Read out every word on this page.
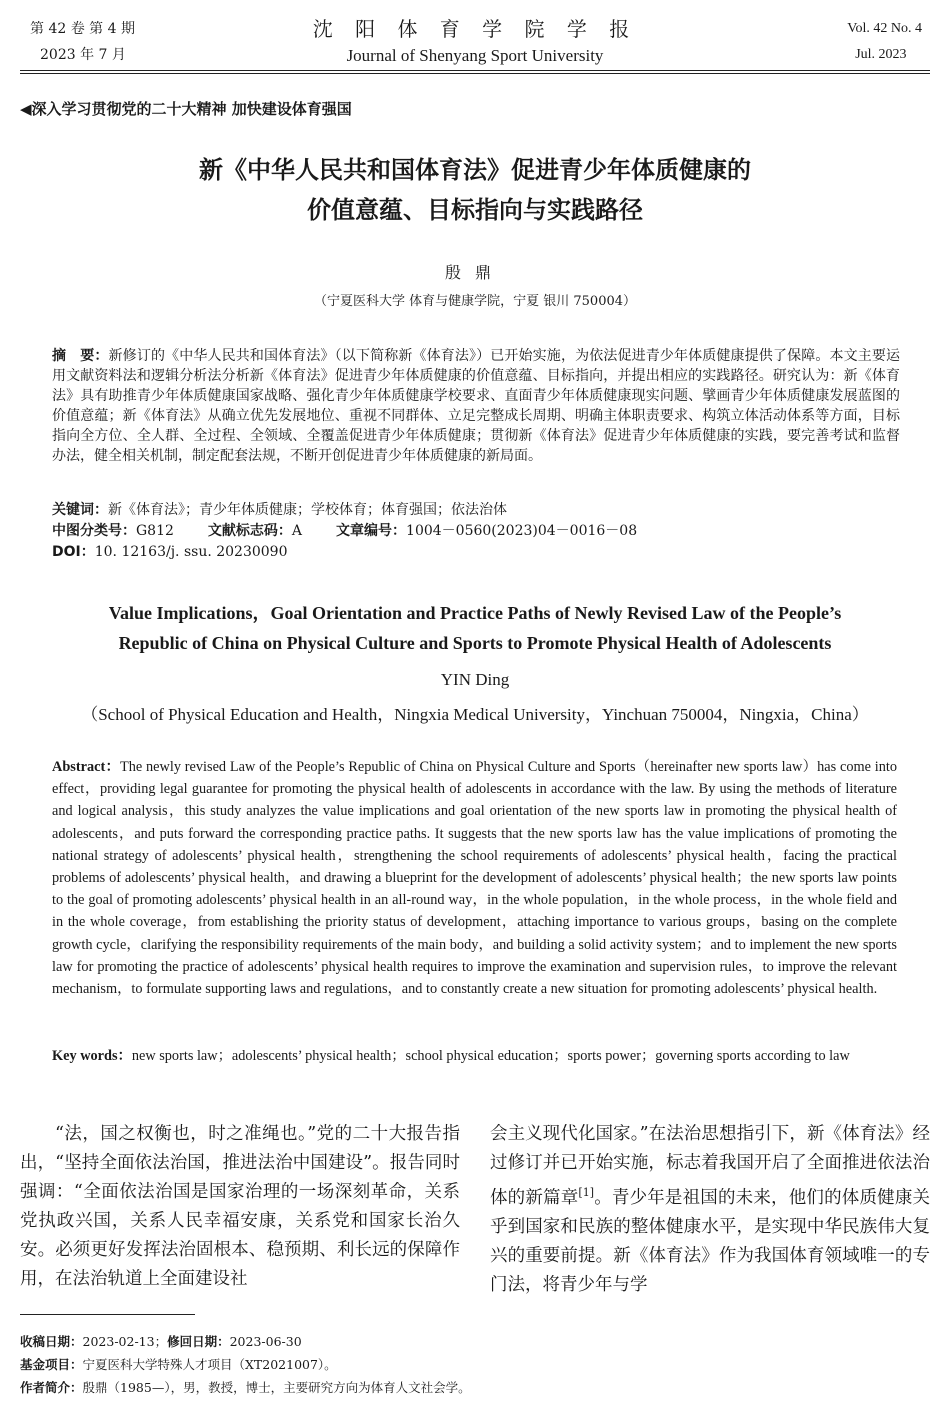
第 42 卷 第 4 期
2023 年 7 月
沈 阳 体 育 学 院 学 报
Journal of Shenyang Sport University
Vol. 42 No. 4
Jul. 2023
◀深入学习贯彻党的二十大精神 加快建设体育强国
新《中华人民共和国体育法》促进青少年体质健康的
价值意蕴、目标指向与实践路径
殷鼎
（宁夏医科大学 体育与健康学院，宁夏 银川 750004）
摘　要：新修订的《中华人民共和国体育法》（以下简称新《体育法》）已开始实施，为依法促进青少年体质健康提供了保障。本文主要运用文献资料法和逻辑分析法分析新《体育法》促进青少年体质健康的价值意蕴、目标指向，并提出相应的实践路径。研究认为：新《体育法》具有助推青少年体质健康国家战略、强化青少年体质健康学校要求、直面青少年体质健康现实问题、擘画青少年体质健康发展蓝图的价值意蕴；新《体育法》从确立优先发展地位、重视不同群体、立足完整成长周期、明确主体职责要求、构筑立体活动体系等方面，目标指向全方位、全人群、全过程、全领域、全覆盖促进青少年体质健康；贯彻新《体育法》促进青少年体质健康的实践，要完善考试和监督办法，健全相关机制，制定配套法规，不断开创促进青少年体质健康的新局面。
关键词：新《体育法》；青少年体质健康；学校体育；体育强国；依法治体
中图分类号：G812 文献标志码：A 文章编号：1004－0560(2023)04－0016－08
DOI：10. 12163/j. ssu. 20230090
Value Implications，Goal Orientation and Practice Paths of Newly Revised Law of the People’s
Republic of China on Physical Culture and Sports to Promote Physical Health of Adolescents
YIN Ding
（School of Physical Education and Health，Ningxia Medical University，Yinchuan 750004，Ningxia，China）
Abstract：The newly revised Law of the People’s Republic of China on Physical Culture and Sports（hereinafter new sports law）has come into effect，providing legal guarantee for promoting the physical health of adolescents in accordance with the law. By using the methods of literature and logical analysis，this study analyzes the value implications and goal orientation of the new sports law in promoting the physical health of adolescents，and puts forward the corresponding practice paths. It suggests that the new sports law has the value implications of promoting the national strategy of adolescents’ physical health，strengthening the school requirements of adolescents’ physical health，facing the practical problems of adolescents’ physical health，and drawing a blueprint for the development of adolescents’ physical health；the new sports law points to the goal of promoting adolescents’ physical health in an all-round way，in the whole population，in the whole process，in the whole field and in the whole coverage，from establishing the priority status of development，attaching importance to various groups，basing on the complete growth cycle，clarifying the responsibility requirements of the main body，and building a solid activity system；and to implement the new sports law for promoting the practice of adolescents’ physical health requires to improve the examination and supervision rules，to improve the relevant mechanism，to formulate supporting laws and regulations，and to constantly create a new situation for promoting adolescents’ physical health.
Key words：new sports law；adolescents’ physical health；school physical education；sports power；governing sports according to law
“法，国之权衡也，时之准绳也。”党的二十大报告指出，“坚持全面依法治国，推进法治中国建设”。报告同时强调：“全面依法治国是国家治理的一场深刻革命，关系党执政兴国，关系人民幸福安康，关系党和国家长治久安。必须更好发挥法治固根本、稳预期、利长远的保障作用，在法治轨道上全面建设社
会主义现代化国家。”在法治思想指引下，新《体育法》经过修订并已开始实施，标志着我国开启了全面推进依法治体的新篇章[1]。青少年是祖国的未来，他们的体质健康关乎到国家和民族的整体健康水平，是实现中华民族伟大复兴的重要前提。新《体育法》作为我国体育领域唯一的专门法，将青少年与学
收稿日期：2023-02-13；修回日期：2023-06-30
基金项目：宁夏医科大学特殊人才项目（XT2021007）。
作者简介：殷鼎（1985—），男，教授，博士，主要研究方向为体育人文社会学。
